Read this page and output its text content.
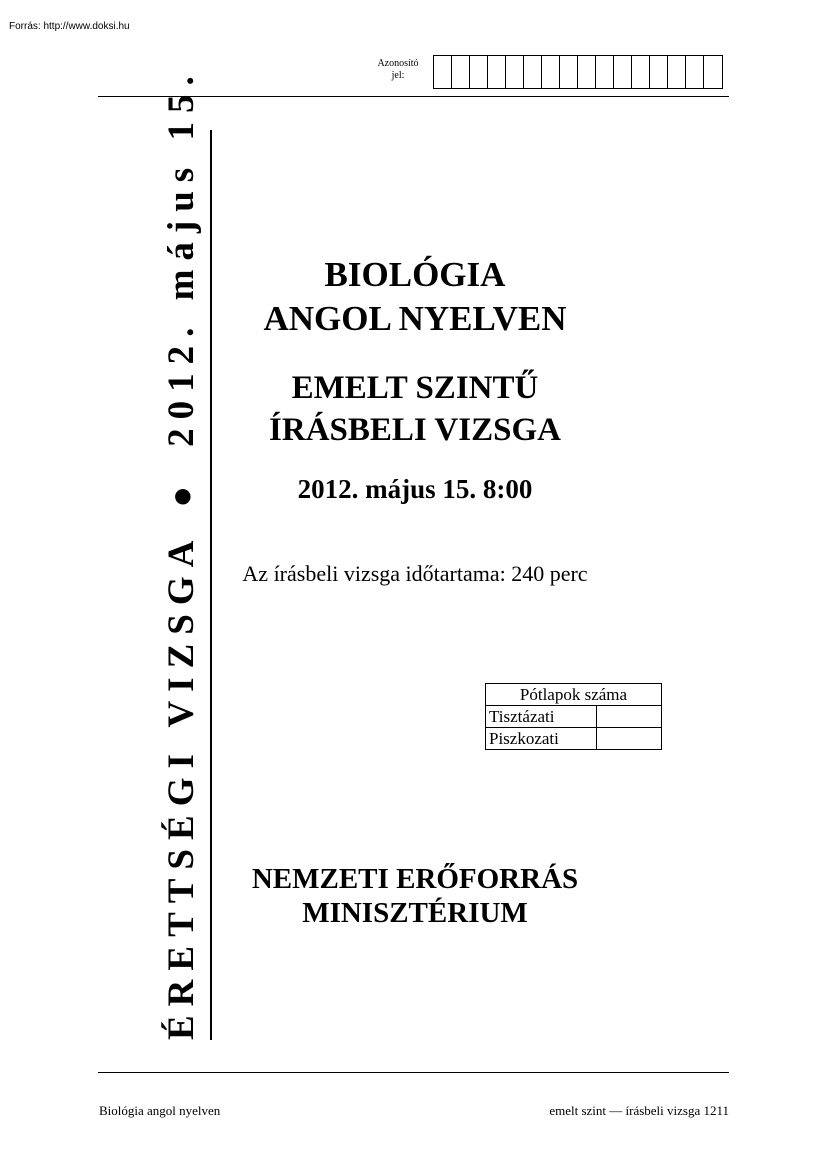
Forrás: http://www.doksi.hu
Azonosító
jel:
ÉRETTSÉGI VIZSGA
●
2012. május 15.	BIOLÓGIA
ANGOL NYELVEN
EMELT SZINTŰ
ÍRÁSBELI VIZSGA
2012. május 15. 8:00
Az írásbeli vizsga időtartama: 240 perc
Pótlapok száma	
Tisztázati	
Piszkozati	
NEMZETI ERŐFORRÁS
MINISZTÉRIUM
Biológia angol nyelven	emelt szint — írásbeli vizsga 1211
